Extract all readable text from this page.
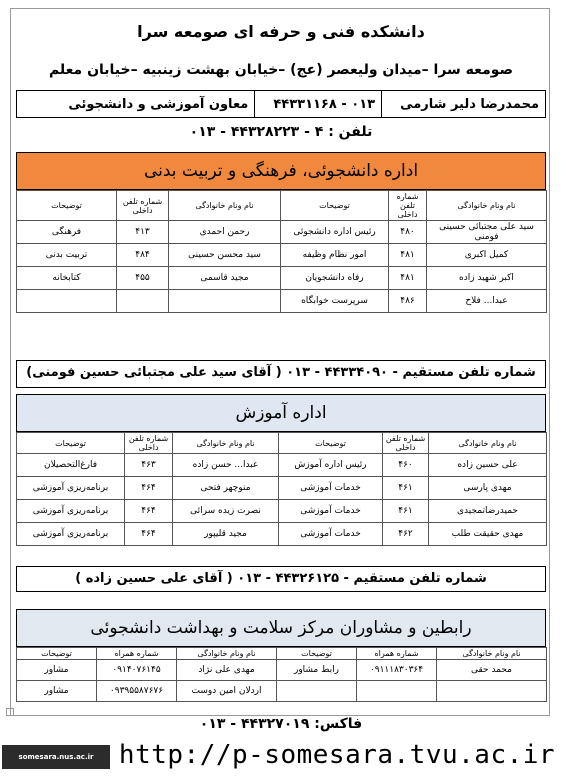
دانشکده فنی و حرفه ای صومعه سرا
صومعه سرا –میدان ولیعصر (عج) –خیابان بهشت زینبیه –خیابان معلم
محمدرضا دلیر شارمی
۰۱۳ - ۴۴۳۳۱۱۶۸
معاون آموزشی و دانشجوئی
تلفن : ۴ - ۴۴۳۲۸۲۲۳ - ۰۱۳
اداره دانشجوئی، فرهنگی و تربیت بدنی
نام ونام خانوادگی	شماره تلفن داخلی	توضیحات	نام ونام خانوادگی	شماره تلفن داخلی	توضیحات
سید علی مجتبائی حسینی فومنی	۴۸۰	رئیس اداره دانشجوئی	رحمن احمدی	۴۱۳	فرهنگی
کمیل اکبری	۴۸۱	امور نظام وظیفه	سید محسن حسینی	۴۸۴	تربیت بدنی
اکبر شهید زاده	۴۸۱	رفاه دانشجویان	مجید قاسمی	۴۵۵	کتابخانه
عبدا... فلاح	۴۸۶	سرپرست خوابگاه			
شماره تلفن مستقیم - ۴۴۳۳۴۰۹۰ - ۰۱۳ ( آقای سید علی مجتبائی حسین فومنی)
اداره آموزش
نام ونام خانوادگی	شماره تلفن داخلی	توضیحات	نام ونام خانوادگی	شماره تلفن داخلی	توضیحات
علی حسین زاده	۴۶۰	رئیس اداره آموزش	عبدا... حسن زاده	۴۶۳	فارغ‌التحصیلان
مهدی پارسی	۴۶۱	خدمات آموزشی	منوچهر فتحی	۴۶۴	برنامه‌ریزی آموزشی
حمیدرضا‌تمجیدی	۴۶۱	خدمات آموزشی	نصرت زیده سرائی	۴۶۴	برنامه‌ریزی آموزشی
مهدی حقیقت طلب	۴۶۲	خدمات آموزشی	مجید قلیپور	۴۶۴	برنامه‌ریزی آموزشی
شماره تلفن مستقیم - ۴۴۳۲۶۱۲۵ - ۰۱۳ ( آقای علی حسین زاده )
رابطین و مشاوران مرکز سلامت و بهداشت دانشجوئی
نام ونام خانوادگی	شماره همراه	توضیحات	نام ونام خانوادگی	شماره همراه	توضیحات
محمد حقی	۰۹۱۱۱۸۳۰۳۶۴	رابط مشاور	مهدی علی نژاد	۰۹۱۴۰۷۶۱۴۵	مشاور
			اردلان امین دوست	۰۹۳۹۵۵۸۷۶۷۶	مشاور
فاکس: ۴۴۳۲۷۰۱۹ - ۰۱۳
somesara.nus.ac.ir http://p-somesara.tvu.ac.ir
